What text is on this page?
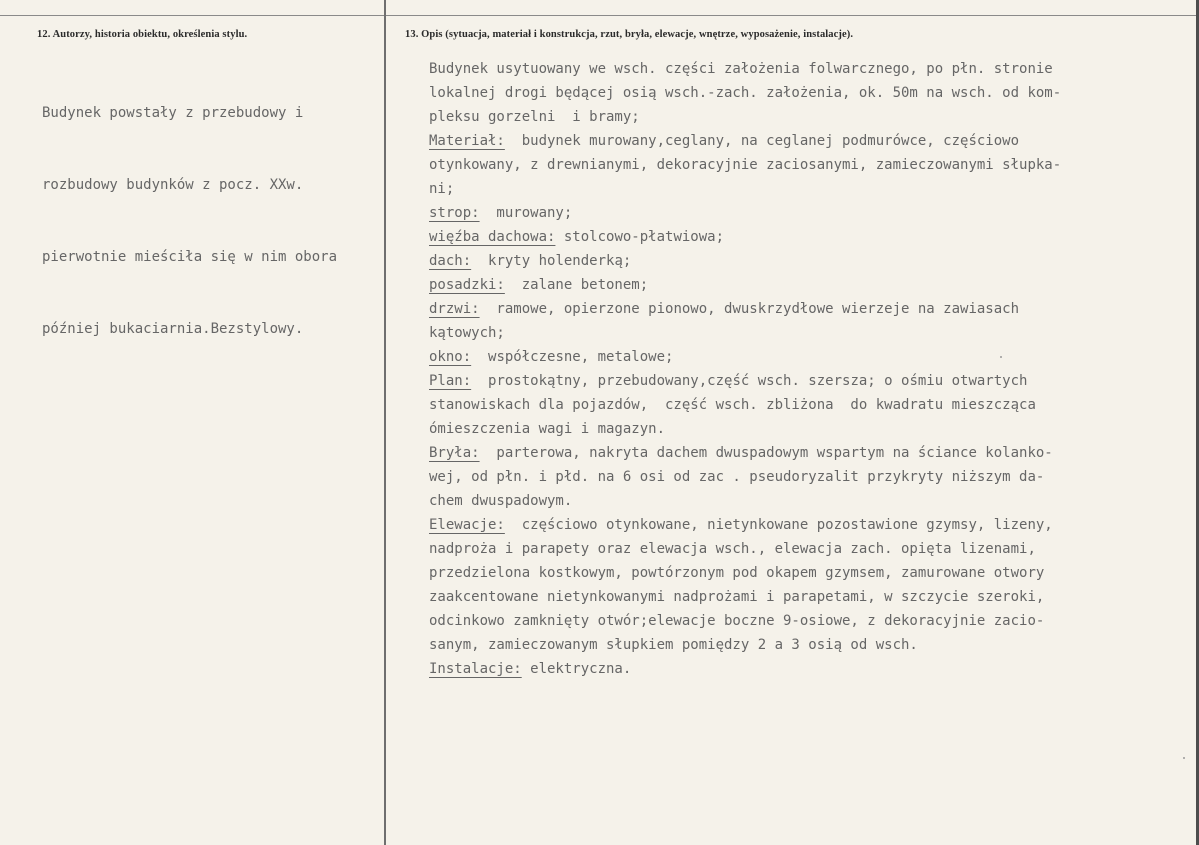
12. Autorzy, historia obiektu, określenia stylu.	13. Opis (sytuacja, materiał i konstrukcja, rzut, bryła, elewacje, wnętrze, wyposażenie, instalacje).

Budynek powstały z przebudowy i

rozbudowy budynków z pocz. XXw.

pierwotnie mieściła się w nim obora

później bukaciarnia.Bezstylowy.

Budynek usytuowany we wsch. części założenia folwarcznego, po płn. stronie
lokalnej drogi będącej osią wsch.-zach. założenia, ok. 50m na wsch. od kom-
pleksu gorzelni  i bramy;
Materiał:  budynek murowany,ceglany, na ceglanej podmurówce, częściowo
otynkowany, z drewnianymi, dekoracyjnie zaciosanymi, zamieczowanymi słupka-
ni;
strop:  murowany;
więźba dachowa: stolcowo-płatwiowa;
dach:  kryty holenderką;
posadzki:  zalane betonem;
drzwi:  ramowe, opierzone pionowo, dwuskrzydłowe wierzeje na zawiasach
kątowych;
okno:  współczesne, metalowe;
Plan:  prostokątny, przebudowany,część wsch. szersza; o ośmiu otwartych
stanowiskach dla pojazdów,  część wsch. zbliżona  do kwadratu mieszcząca
ómieszczenia wagi i magazyn.
Bryła:  parterowa, nakryta dachem dwuspadowym wspartym na ściance kolanko-
wej, od płn. i płd. na 6 osi od zac . pseudoryzalit przykryty niższym da-
chem dwuspadowym.
Elewacje:  częściowo otynkowane, nietynkowane pozostawione gzymsy, lizeny,
nadproża i parapety oraz elewacja wsch., elewacja zach. opięta lizenami,
przedzielona kostkowym, powtórzonym pod okapem gzymsem, zamurowane otwory
zaakcentowane nietynkowanymi nadprożami i parapetami, w szczycie szeroki,
odcinkowo zamknięty otwór;elewacje boczne 9-osiowe, z dekoracyjnie zacio-
sanym, zamieczowanym słupkiem pomiędzy 2 a 3 osią od wsch.
Instalacje: elektryczna.
